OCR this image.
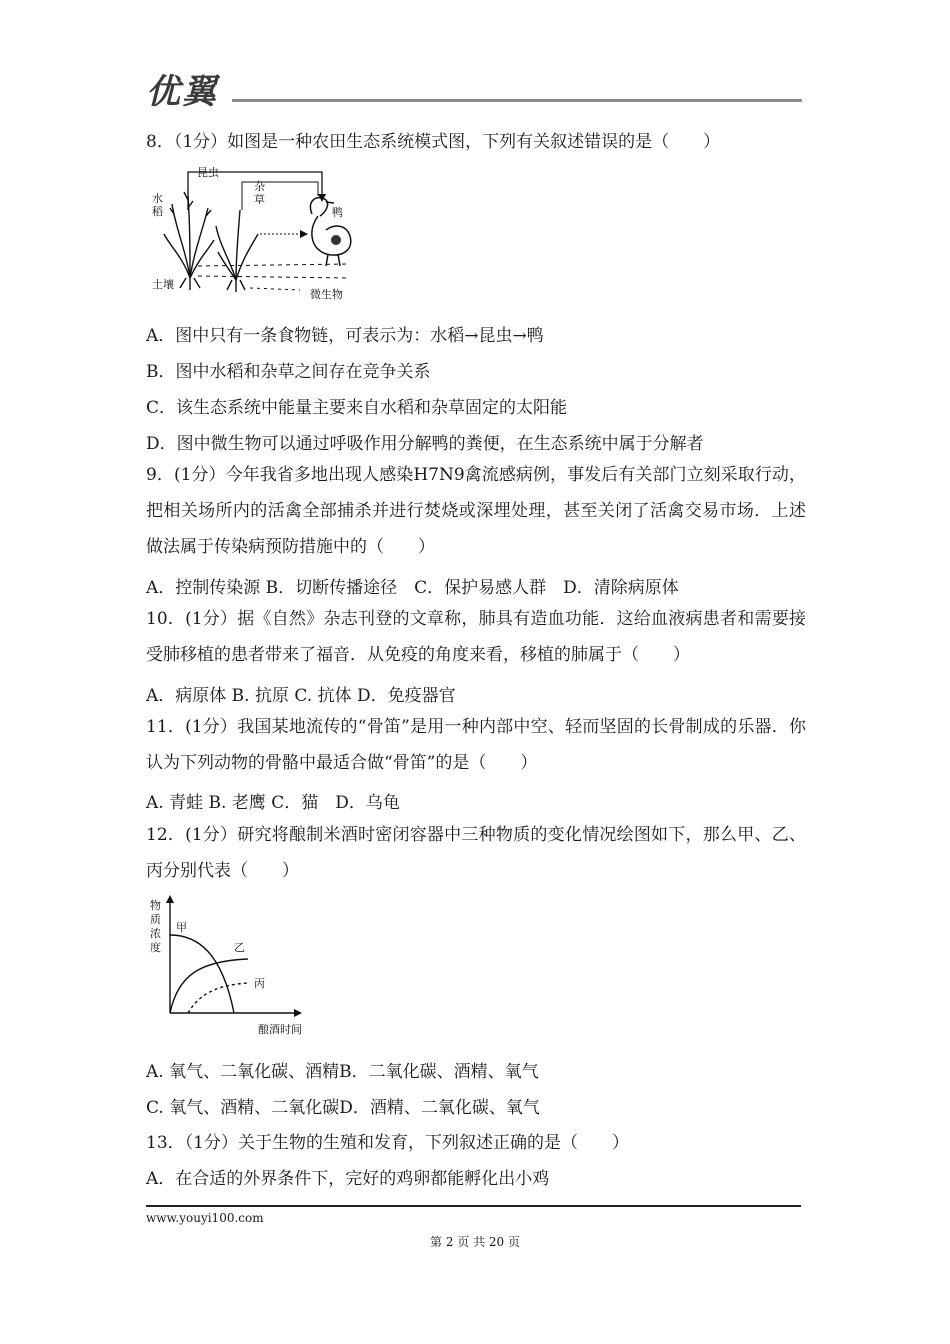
优翼
8．（1分）如图是一种农田生态系统模式图，下列有关叙述错误的是（　　）
昆虫
水
稻
杂
草
鸭
土壤
微生物
A．图中只有一条食物链，可表示为：水稻→昆虫→鸭
B．图中水稻和杂草之间存在竞争关系
C．该生态系统中能量主要来自水稻和杂草固定的太阳能
D．图中微生物可以通过呼吸作用分解鸭的粪便，在生态系统中属于分解者
9．(1分）今年我省多地出现人感染H7N9禽流感病例，事发后有关部门立刻采取行动，把相关场所内的活禽全部捕杀并进行焚烧或深埋处理，甚至关闭了活禽交易市场．上述做法属于传染病预防措施中的（　　）
A．控制传染源 B．切断传播途径　C．保护易感人群　D．清除病原体
10．(1分）据《自然》杂志刊登的文章称，肺具有造血功能．这给血液病患者和需要接受肺移植的患者带来了福音．从免疫的角度来看，移植的肺属于（　　）
A．病原体 B. 抗原 C. 抗体 D．免疫器官
11．(1分）我国某地流传的“骨笛”是用一种内部中空、轻而坚固的长骨制成的乐器．你认为下列动物的骨骼中最适合做“骨笛”的是（　　）
A. 青蛙 B. 老鹰 C．猫　D．乌龟
12．(1分）研究将酿制米酒时密闭容器中三种物质的变化情况绘图如下，那么甲、乙、丙分别代表（　　）
物
质
浓
度
甲
乙
丙
酿酒时间
A. 氧气、二氧化碳、酒精B．二氧化碳、酒精、氧气
C. 氧气、酒精、二氧化碳D．酒精、二氧化碳、氧气
13．（1分）关于生物的生殖和发育，下列叙述正确的是（　　）
A．在合适的外界条件下，完好的鸡卵都能孵化出小鸡
www.youyi100.com
第 2 页 共 20 页
